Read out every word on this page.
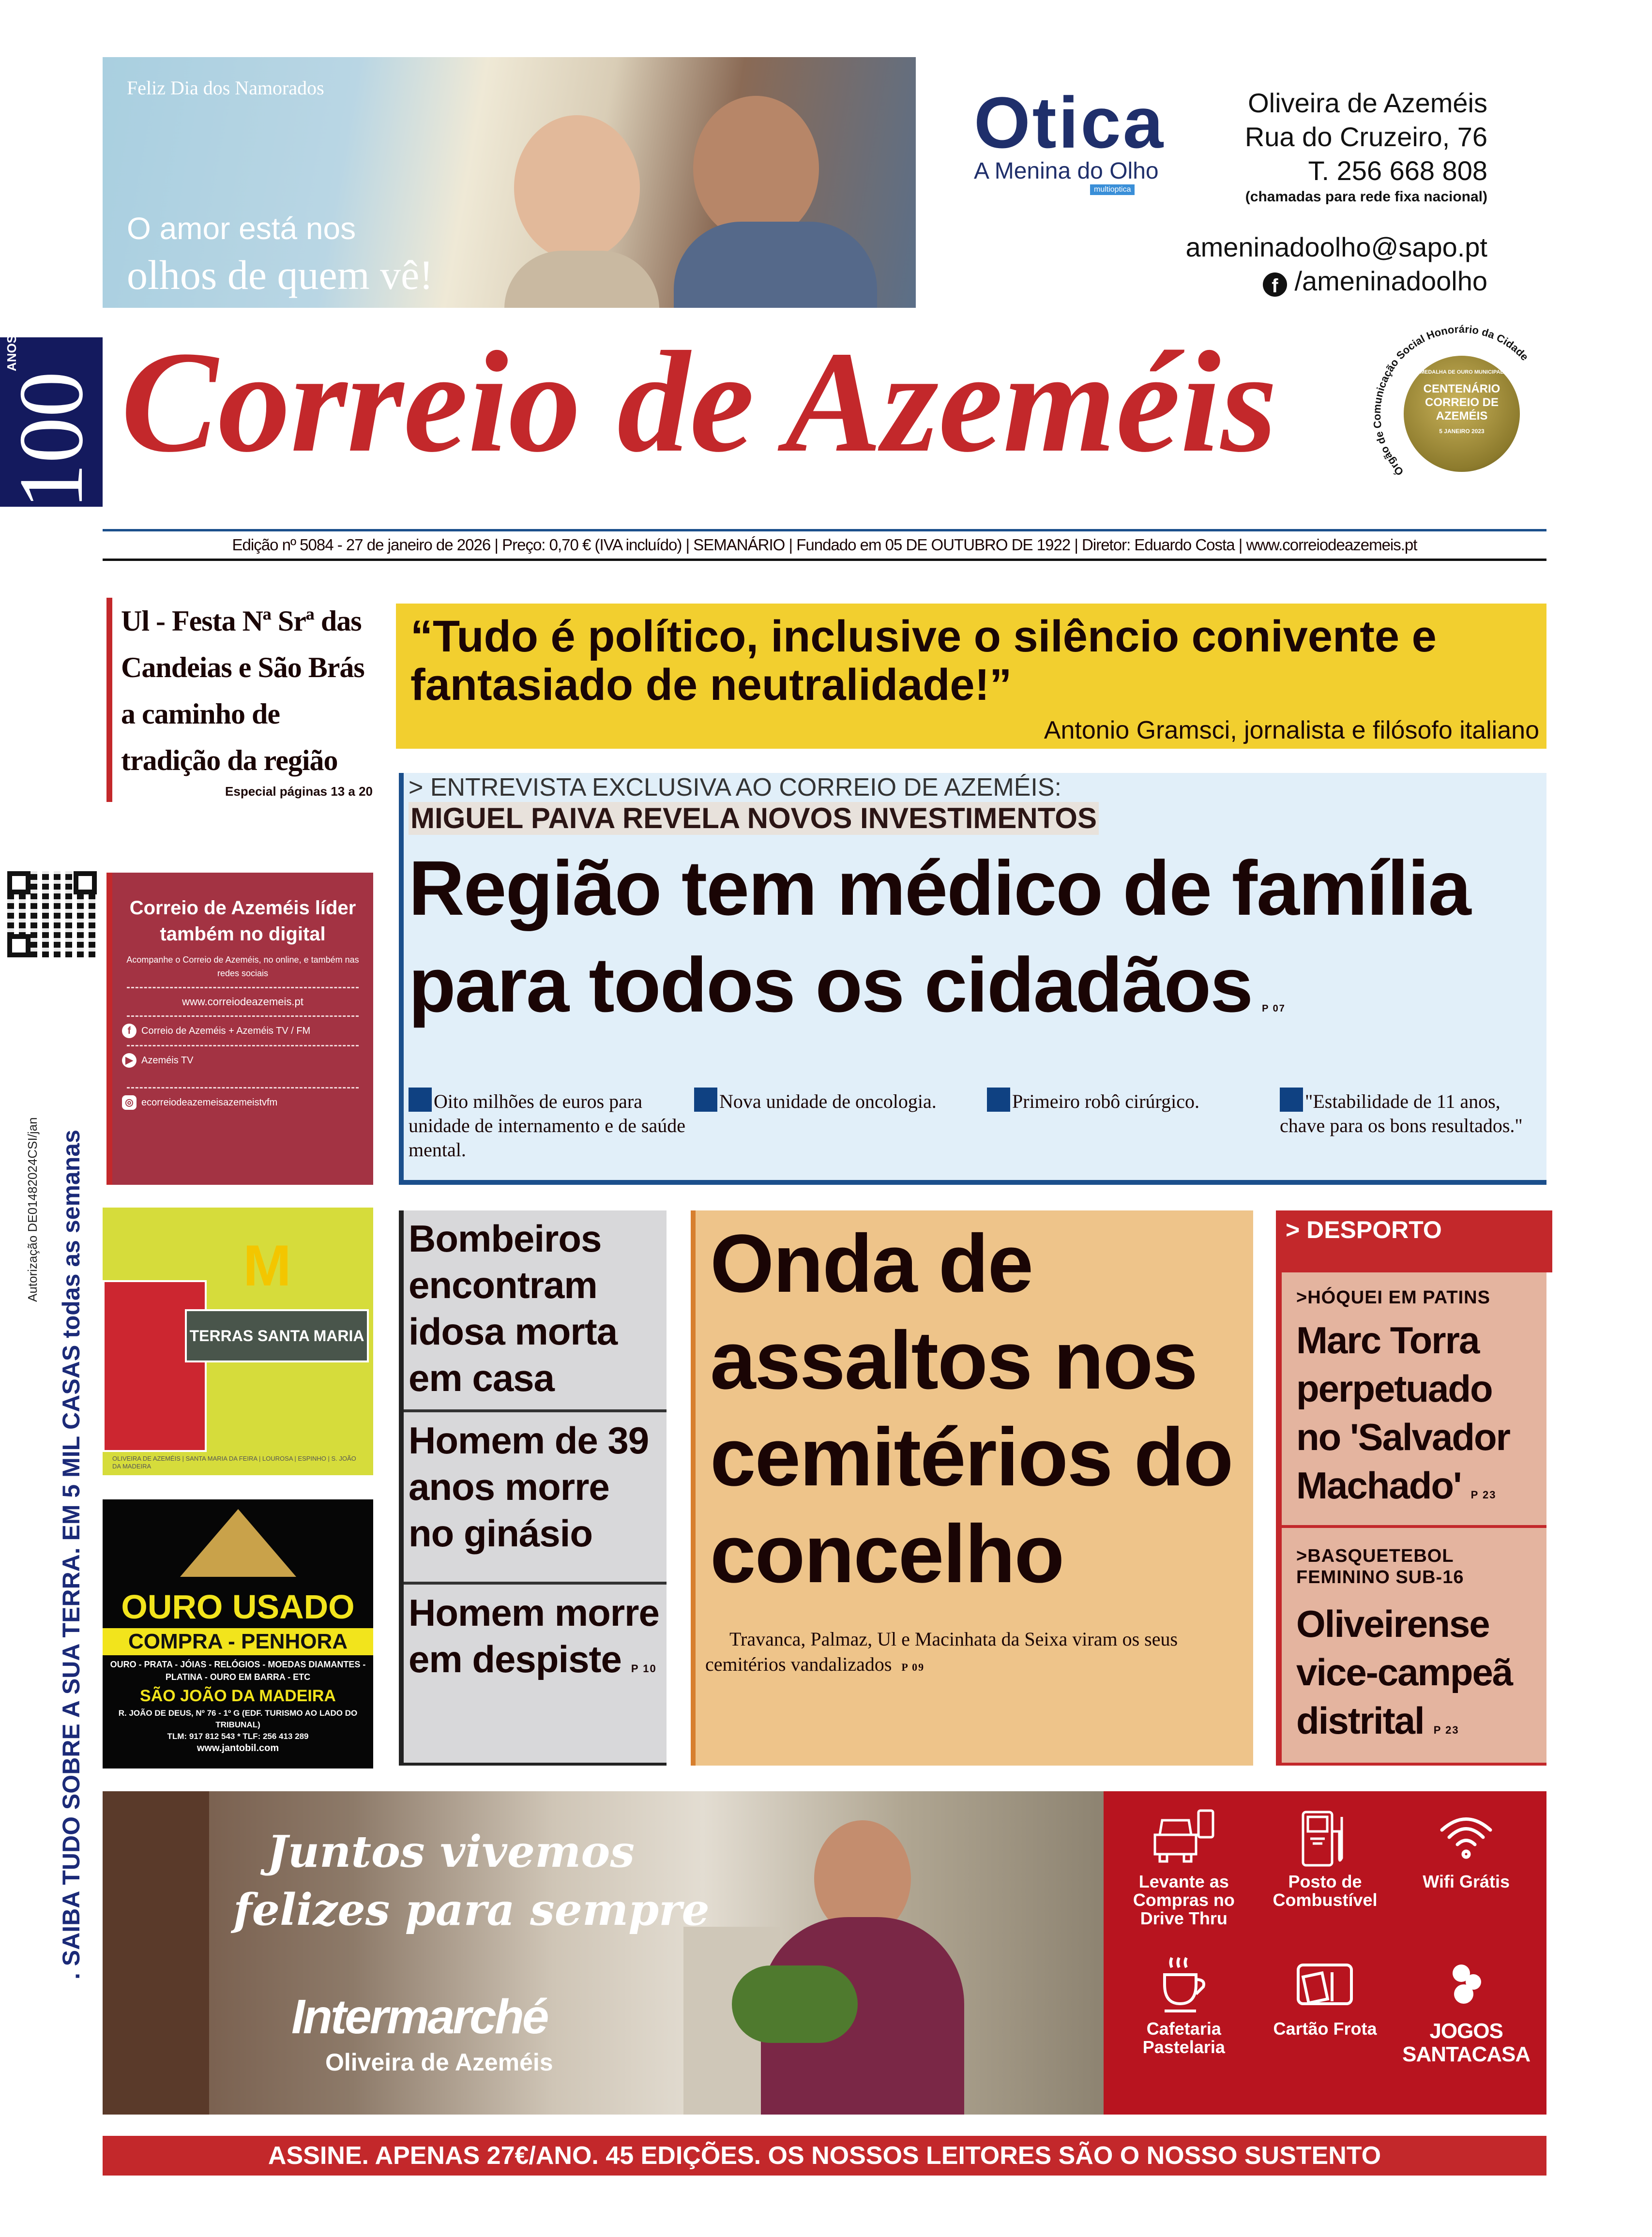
Feliz Dia dos Namorados
O amor está nos
olhos de quem vê!
Otica
A Menina do Olho
multioptica
Oliveira de Azeméis
Rua do Cruzeiro, 76
T. 256 668 808
(chamadas para rede fixa nacional)
ameninadoolho@sapo.pt
f /ameninadoolho
$100^{ANOS}$ Correio de Azeméis	MEDALHA DE OURO MUNICIPAL
CENTENÁRIO CORREIO DE AZEMÉIS
5 JANEIRO 2023
Órgão de Comunicação Social Honorário da Cidade
Edição nº 5084 - 27 de janeiro de 2026 | Preço: 0,70 € (IVA incluído) | SEMANÁRIO | Fundado em 05 DE OUTUBRO DE 1922 | Diretor: Eduardo Costa | www.correiodeazemeis.pt
Ul - Festa Nª Srª das Candeias e São Brás a caminho de tradição da região
Especial páginas 13 a 20
Correio de Azeméis líder também no digital

Acompanhe o Correio de Azeméis, no online, e também nas redes sociais

www.correiodeazemeis.pt
f	Correio de Azeméis + Azeméis TV / FM
▶ Azeméis TV
◎ ecorreiodeazemeisazemeistvfm
. SAIBA TUDO SOBRE A SUA TERRA. EM 5 MIL CASAS todas as semanas
Autorização DE01482024CSI/jan	M
TERRAS SANTA MARIA
OLIVEIRA DE AZEMÉIS | SANTA MARIA DA FEIRA | LOUROSA | ESPINHO | S. JOÃO DA MADEIRA
OURO USADO
COMPRA - PENHORA
OURO - PRATA - JÓIAS - RELÓGIOS - MOEDAS DIAMANTES - PLATINA - OURO EM BARRA - ETC
SÃO JOÃO DA MADEIRA
R. JOÃO DE DEUS, Nº 76 - 1º G (EDF. TURISMO AO LADO DO TRIBUNAL)
TLM: 917 812 543 * TLF: 256 413 289
www.jantobil.com
“Tudo é político, inclusive o silêncio conivente e fantasiado de neutralidade!”
Antonio Gramsci, jornalista e filósofo italiano
> ENTREVISTA EXCLUSIVA AO CORREIO DE AZEMÉIS:
MIGUEL PAIVA REVELA NOVOS INVESTIMENTOS
Região tem médico de família para todos os cidadãos P 07
Oito milhões de euros para unidade de internamento e de saúde mental.
Nova unidade de oncologia.	Primeiro robô cirúrgico.	"Estabilidade de 11 anos, chave para os bons resultados."
Bombeiros encontram idosa morta em casa
Homem de 39 anos morre no ginásio
Homem morre em despiste P 10
Onda de assaltos nos cemitérios do concelho

Travanca, Palmaz, Ul e Macinhata da Seixa viram os seus cemitérios vandalizados P 09

> DESPORTO
>HÓQUEI EM PATINS
Marc Torra perpetuado no 'Salvador Machado' P 23
>BASQUETEBOL FEMININO SUB-16
Oliveirense vice-campeã distrital P 23
Juntos vivemos
felizes para sempre
Intermarché
Oliveira de Azeméis
Levante as Compras no Drive Thru
Posto de Combustível
Wifi Grátis
Cafetaria Pastelaria
Cartão Frota	JOGOS SANTACASA
ASSINE. APENAS 27€/ANO. 45 EDIÇÕES. OS NOSSOS LEITORES SÃO O NOSSO SUSTENTO
